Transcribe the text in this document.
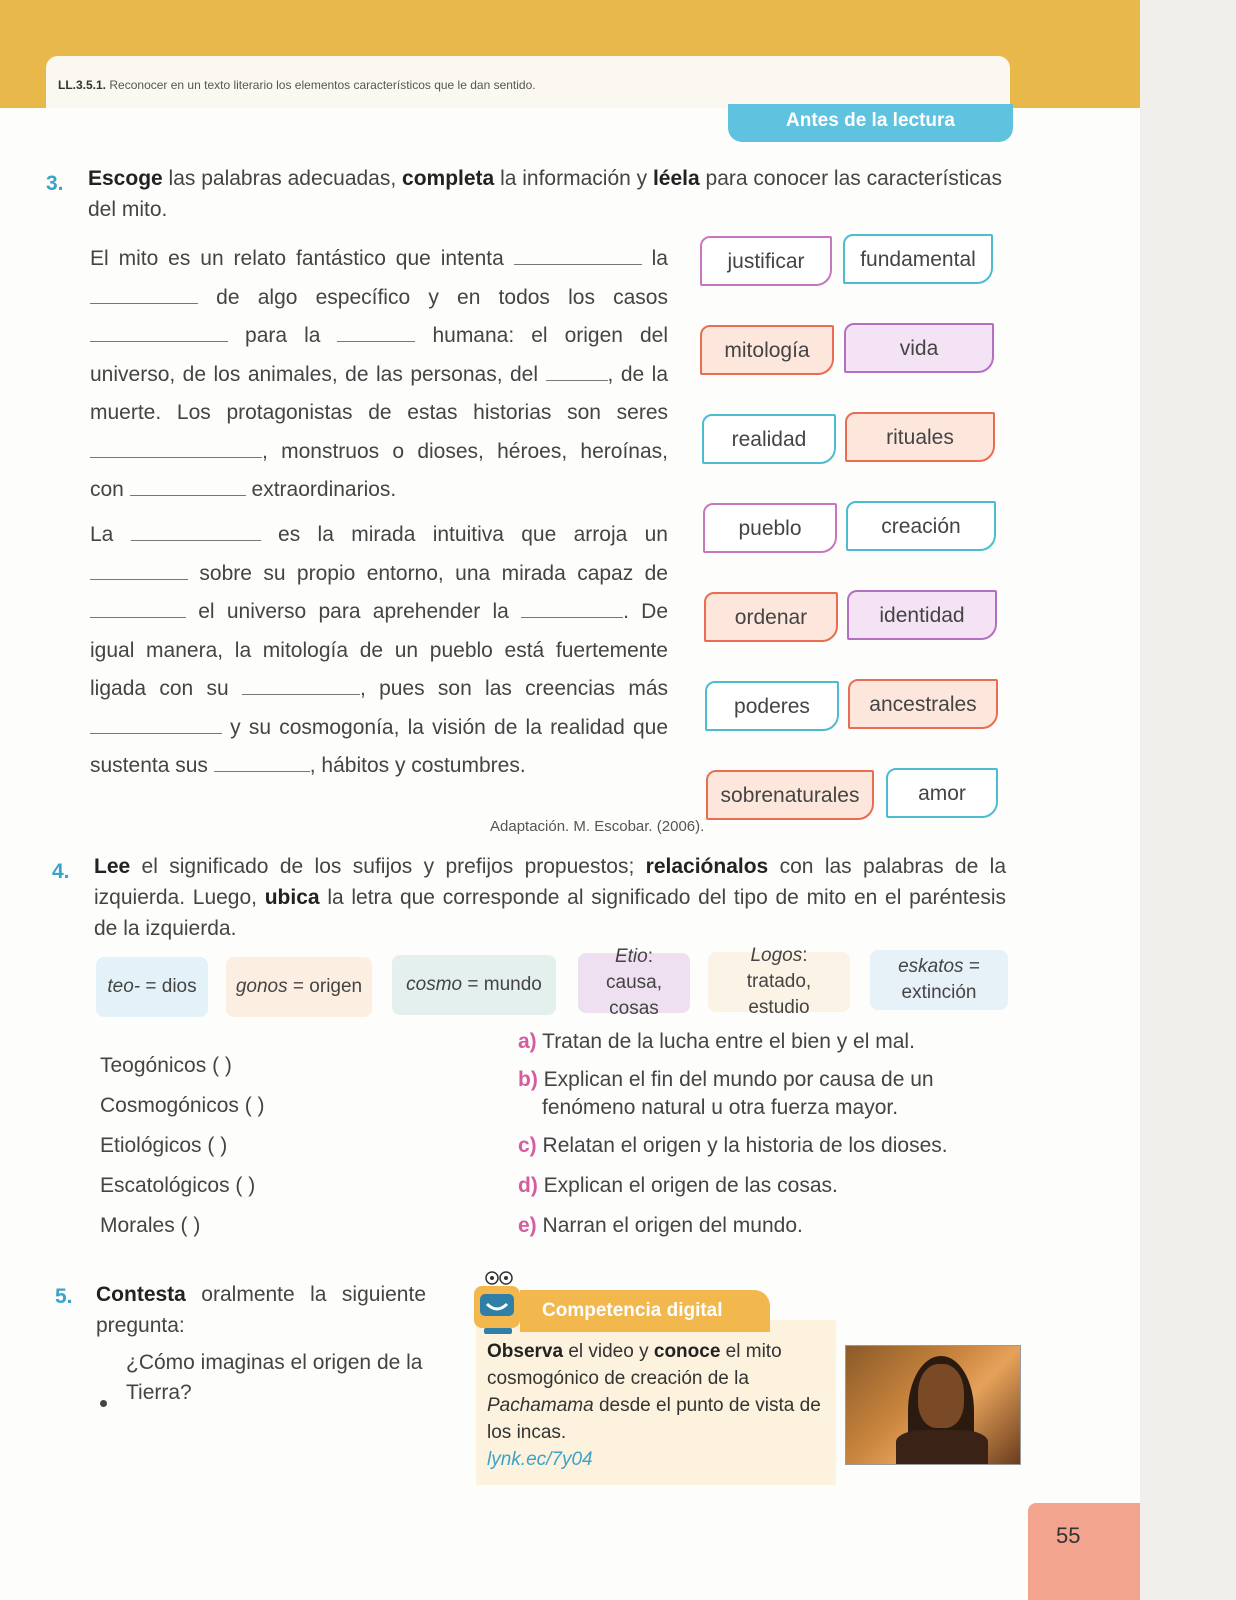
LL.3.5.1. Reconocer en un texto literario los elementos característicos que le dan sentido.
Antes de la lectura
3. Escoge las palabras adecuadas, completa la información y léela para conocer las características del mito.
El mito es un relato fantástico que intenta	la  de algo específico y en todos los casos  para la	humana: el origen del universo, de los animales, de las personas, del	, de la muerte. Los protagonistas de estas historias son seres , monstruos o dioses, héroes, heroínas, con	extraordinarios.
La	es la mirada intuitiva que arroja un  sobre su propio entorno, una mirada capaz de  el universo para aprehender la	. De igual manera, la mitología de un pueblo está fuertemente ligada con su	, pues son las creencias más  y su cosmogonía, la visión de la realidad que sustenta sus	, hábitos y costumbres.
Adaptación. M. Escobar. (2006).
justificar	fundamental
mitología	vida
realidad	rituales
pueblo	creación
ordenar	identidad
poderes	ancestrales
sobrenaturales	amor
4. Lee el significado de los sufijos y prefijos propuestos; relaciónalos con las palabras de la izquierda. Luego, ubica la letra que corresponde al significado del tipo de mito en el paréntesis de la izquierda.
teo- = dios gonos = origen cosmo = mundo
Etio: causa, cosas
Logos: tratado, estudio
eskatos = extinción
Teogónicos ( )
Cosmogónicos ( )
Etiológicos ( )
Escatológicos ( )
Morales ( )
a) Tratan de la lucha entre el bien y el mal.
b) Explican el fin del mundo por causa de un fenómeno natural u otra fuerza mayor.
c) Relatan el origen y la historia de los dioses.
d) Explican el origen de las cosas.
e) Narran el origen del mundo.
5. Contesta oralmente la siguiente pregunta:
¿Cómo imaginas el origen de la Tierra?
Competencia digital
Observa el video y conoce el mito cosmogónico de creación de la Pachamama desde el punto de vista de los incas.
lynk.ec/7y04
55
